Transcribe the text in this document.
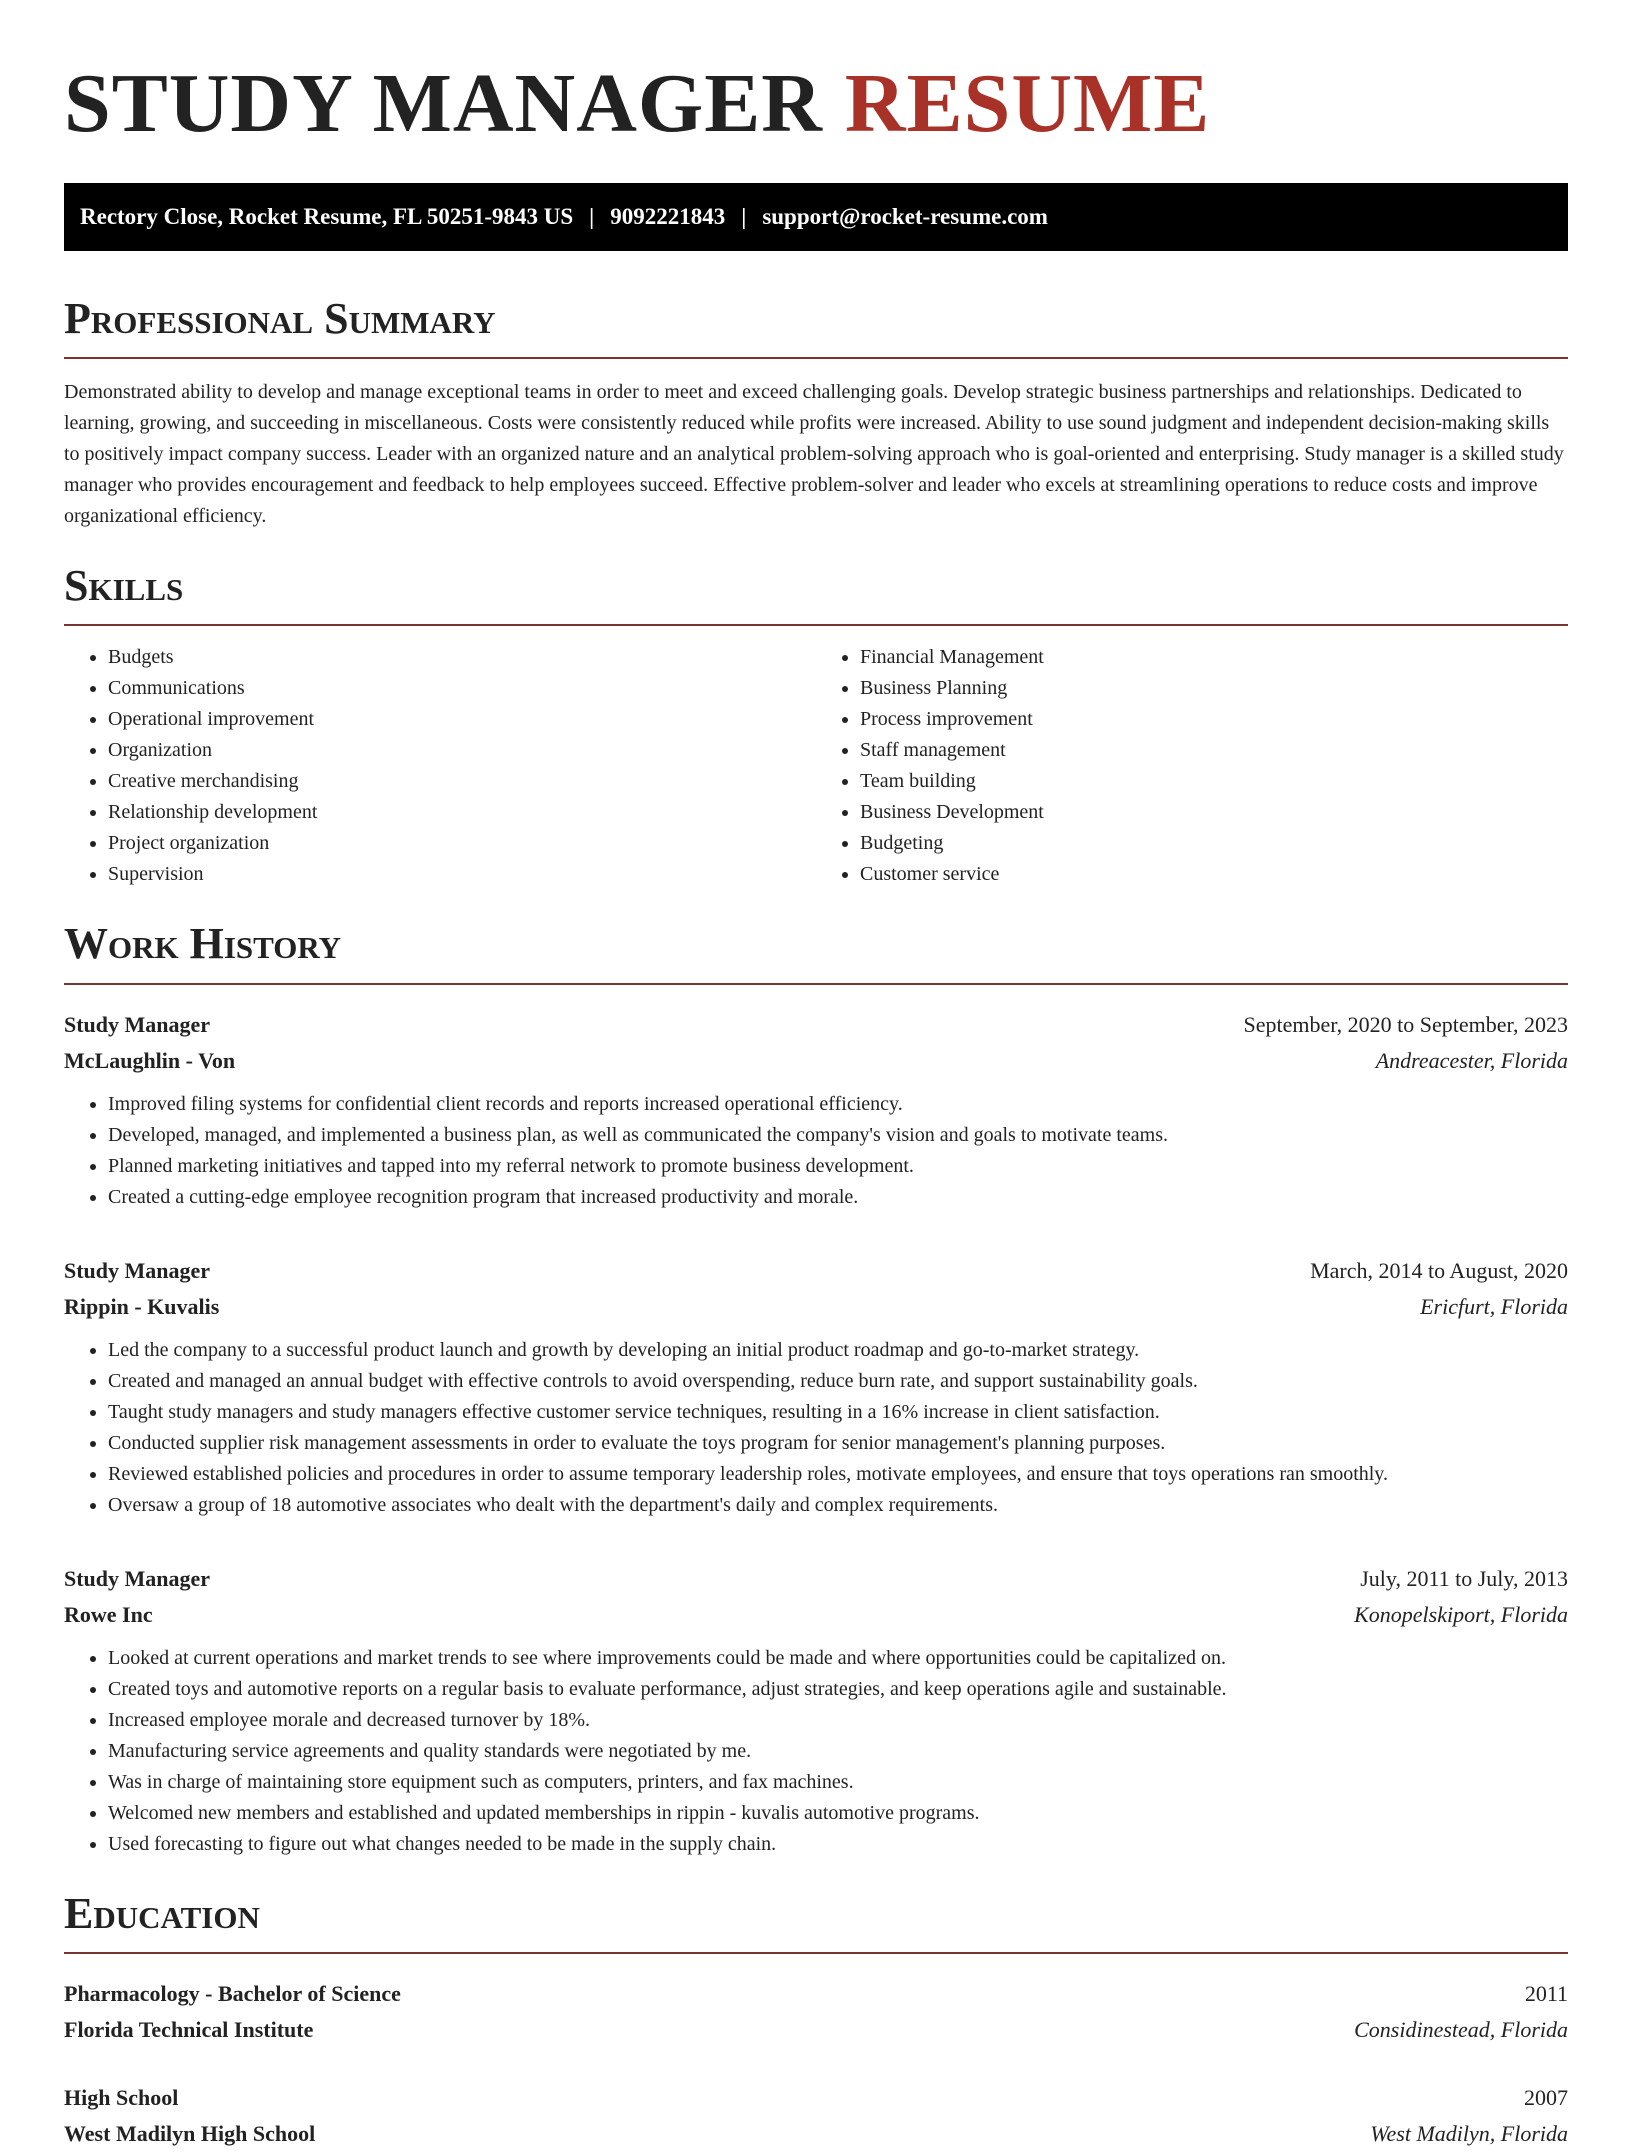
STUDY MANAGER RESUME
Rectory Close, Rocket Resume, FL 50251-9843 US | 9092221843 | support@rocket-resume.com
Professional Summary

Demonstrated ability to develop and manage exceptional teams in order to meet and exceed challenging goals. Develop strategic business partnerships and relationships. Dedicated to learning, growing, and succeeding in miscellaneous. Costs were consistently reduced while profits were increased. Ability to use sound judgment and independent decision-making skills to positively impact company success. Leader with an organized nature and an analytical problem-solving approach who is goal-oriented and enterprising. Study manager is a skilled study manager who provides encouragement and feedback to help employees succeed. Effective problem-solver and leader who excels at streamlining operations to reduce costs and improve organizational efficiency.

Skills
• Budgets
• Communications
• Operational improvement
• Organization
• Creative merchandising
• Relationship development
• Project organization
• Supervision
• Financial Management
• Business Planning
• Process improvement
• Staff management
• Team building
• Business Development
• Budgeting
• Customer service
Work History
Study Manager	September, 2020 to September, 2023
McLaughlin - Von	Andreacester, Florida
• Improved filing systems for confidential client records and reports increased operational efficiency.
• Developed, managed, and implemented a business plan, as well as communicated the company's vision and goals to motivate teams.
• Planned marketing initiatives and tapped into my referral network to promote business development.
• Created a cutting-edge employee recognition program that increased productivity and morale.
Study Manager	March, 2014 to August, 2020
Rippin - Kuvalis	Ericfurt, Florida
• Led the company to a successful product launch and growth by developing an initial product roadmap and go-to-market strategy.
• Created and managed an annual budget with effective controls to avoid overspending, reduce burn rate, and support sustainability goals.
• Taught study managers and study managers effective customer service techniques, resulting in a 16% increase in client satisfaction.
• Conducted supplier risk management assessments in order to evaluate the toys program for senior management's planning purposes.
• Reviewed established policies and procedures in order to assume temporary leadership roles, motivate employees, and ensure that toys operations ran smoothly.
• Oversaw a group of 18 automotive associates who dealt with the department's daily and complex requirements.
Study Manager	July, 2011 to July, 2013
Rowe Inc	Konopelskiport, Florida
• Looked at current operations and market trends to see where improvements could be made and where opportunities could be capitalized on.
• Created toys and automotive reports on a regular basis to evaluate performance, adjust strategies, and keep operations agile and sustainable.
• Increased employee morale and decreased turnover by 18%.
• Manufacturing service agreements and quality standards were negotiated by me.
• Was in charge of maintaining store equipment such as computers, printers, and fax machines.
• Welcomed new members and established and updated memberships in rippin - kuvalis automotive programs.
• Used forecasting to figure out what changes needed to be made in the supply chain.
Education
Pharmacology - Bachelor of Science	2011
Florida Technical Institute	Considinestead, Florida
High School	2007
West Madilyn High School	West Madilyn, Florida
